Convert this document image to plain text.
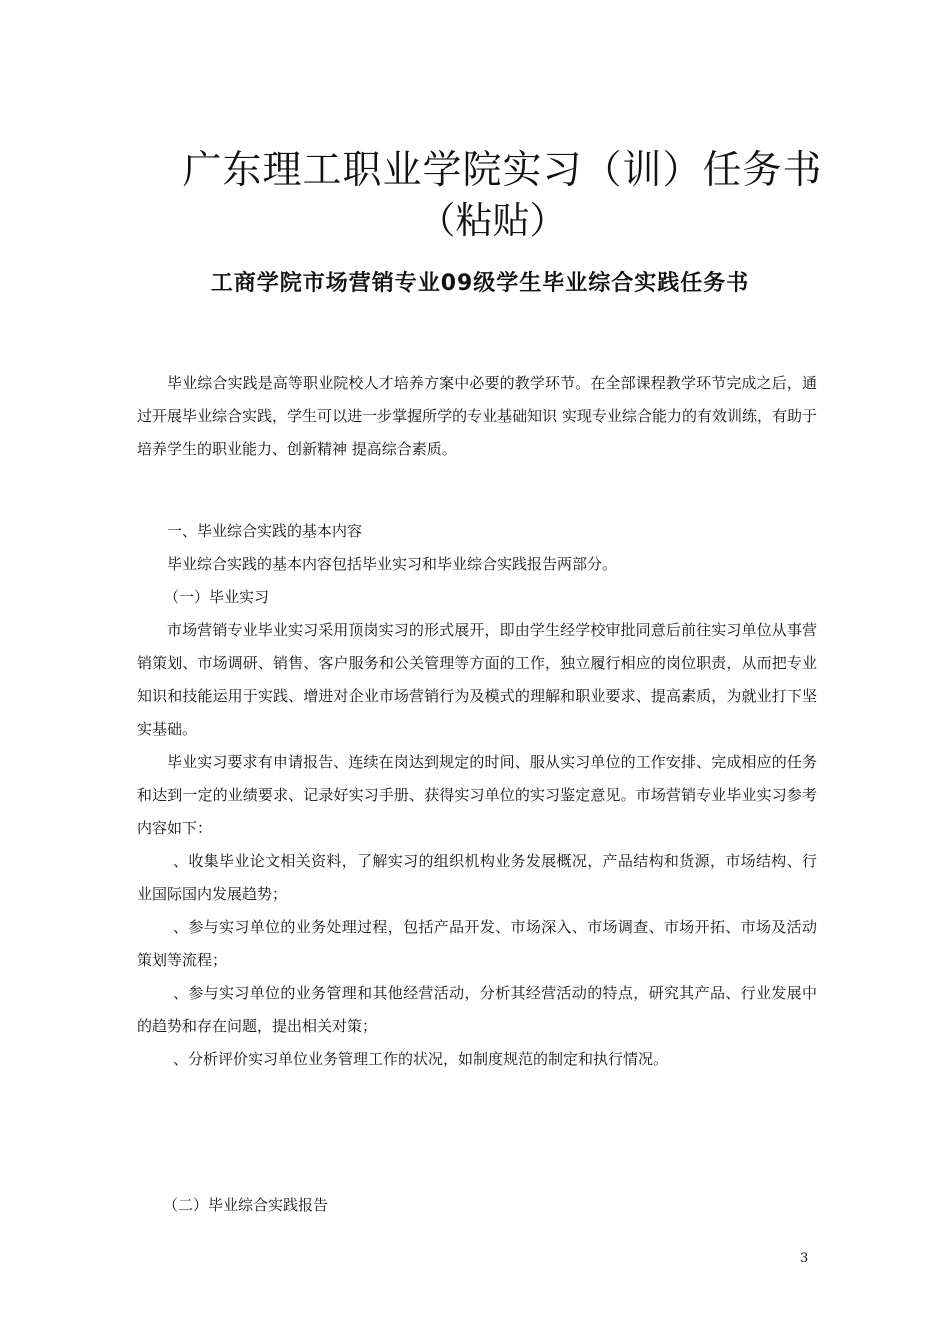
广东理工职业学院实习（训）任务书
（粘贴）
工商学院市场营销专业09级学生毕业综合实践任务书

毕业综合实践是高等职业院校人才培养方案中必要的教学环节。在全部课程教学环节完成之后，通过开展毕业综合实践，学生可以进一步掌握所学的专业基础知识 实现专业综合能力的有效训练，有助于培养学生的职业能力、创新精神 提高综合素质。

一、毕业综合实践的基本内容

毕业综合实践的基本内容包括毕业实习和毕业综合实践报告两部分。

（一）毕业实习

市场营销专业毕业实习采用顶岗实习的形式展开，即由学生经学校审批同意后前往实习单位从事营销策划、市场调研、销售、客户服务和公关管理等方面的工作，独立履行相应的岗位职责，从而把专业知识和技能运用于实践、增进对企业市场营销行为及模式的理解和职业要求、提高素质，为就业打下坚实基础。

毕业实习要求有申请报告、连续在岗达到规定的时间、服从实习单位的工作安排、完成相应的任务和达到一定的业绩要求、记录好实习手册、获得实习单位的实习鉴定意见。市场营销专业毕业实习参考内容如下：

、收集毕业论文相关资料，了解实习的组织机构业务发展概况，产品结构和货源，市场结构、行业国际国内发展趋势；

、参与实习单位的业务处理过程，包括产品开发、市场深入、市场调查、市场开拓、市场及活动策划等流程；

、参与实习单位的业务管理和其他经营活动，分析其经营活动的特点，研究其产品、行业发展中的趋势和存在问题，提出相关对策；

、分析评价实习单位业务管理工作的状况，如制度规范的制定和执行情况。

（二）毕业综合实践报告
3
